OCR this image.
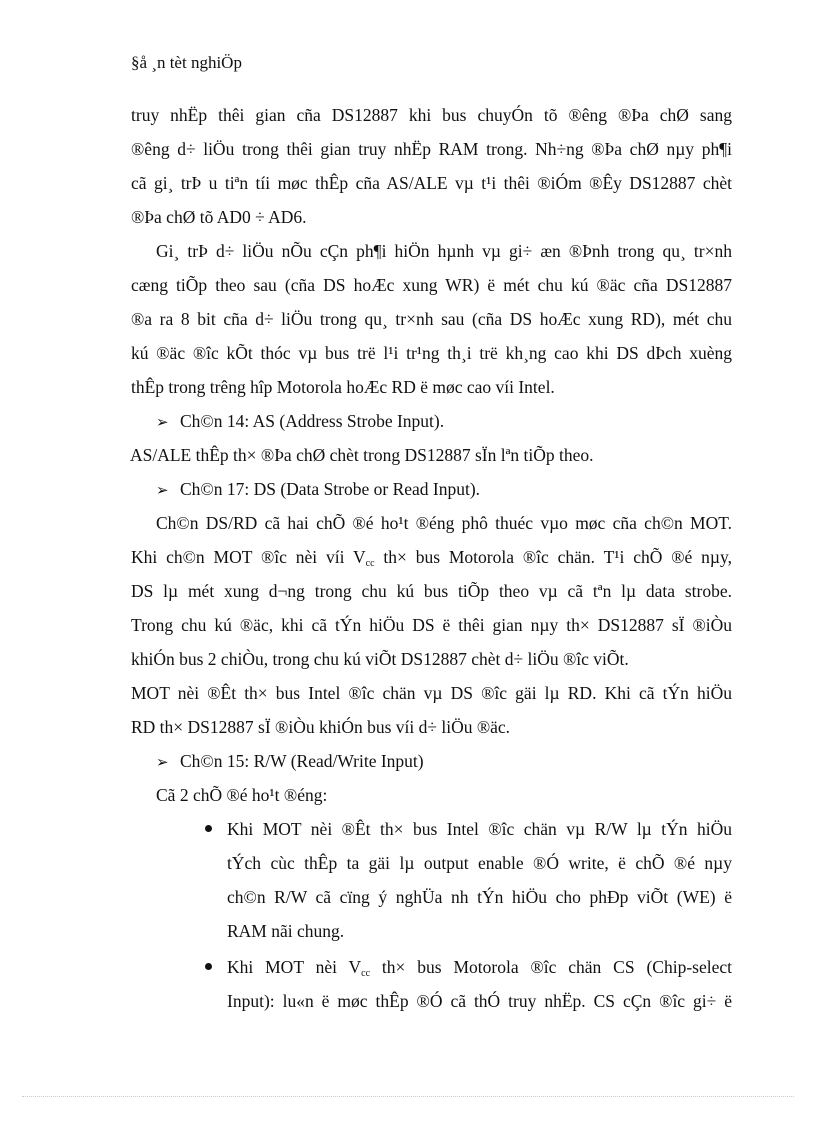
§å ¸n tèt nghiÖp
truy nhËp thêi gian cña DS12887 khi bus chuyÓn tõ ®êng ®Þa chØ sang
®êng d÷ liÖu trong thêi gian truy nhËp RAM trong. Nh÷ng ®Þa chØ nµy ph¶i
cã gi¸ trÞ u tiªn tíi møc thÊp cña AS/ALE vµ t¹i thêi ®iÓm ®Êy DS12887 chèt
®Þa chØ tõ AD0 ÷ AD6.
Gi¸ trÞ d÷ liÖu nÕu cÇn ph¶i hiÖn hµnh vµ gi÷ æn ®Þnh trong qu¸ tr×nh
cæng tiÕp theo sau (cña DS hoÆc xung WR) ë mét chu kú ®äc cña DS12887
®a ra 8 bit cña d÷ liÖu trong qu¸ tr×nh sau (cña DS hoÆc xung RD), mét chu
kú ®äc ®îc kÕt thóc vµ bus trë l¹i tr¹ng th¸i trë kh¸ng cao khi DS dÞch xuèng
thÊp trong trêng hîp Motorola hoÆc RD ë møc cao víi Intel.
➢ Ch©n 14: AS (Address Strobe Input).
AS/ALE thÊp th× ®Þa chØ chèt trong DS12887 sÏn lªn tiÕp theo.
➢ Ch©n 17: DS (Data Strobe or Read Input).
Ch©n DS/RD cã hai chÕ ®é ho¹t ®éng phô thuéc vµo møc cña ch©n MOT.
Khi ch©n MOT ®îc nèi víi $V_{cc}$ th× bus Motorola ®îc chän. T¹i chÕ ®é nµy,
DS lµ mét xung d¬ng trong chu kú bus tiÕp theo vµ cã tªn lµ data strobe.
Trong chu kú ®äc, khi cã tÝn hiÖu DS ë thêi gian nµy th× DS12887 sÏ ®iÒu
khiÓn bus 2 chiÒu, trong chu kú viÕt DS12887 chèt d÷ liÖu ®îc viÕt.
MOT nèi ®Êt th× bus Intel ®îc chän vµ DS ®îc gäi lµ RD. Khi cã tÝn hiÖu
RD th× DS12887 sÏ ®iÒu khiÓn bus víi d÷ liÖu ®äc.
➢ Ch©n 15: R/W (Read/Write Input)
Cã 2 chÕ ®é ho¹t ®éng:
Khi MOT nèi ®Êt th× bus Intel ®îc chän vµ R/W lµ tÝn hiÖu
tÝch cùc thÊp ta gäi lµ output enable ®Ó write, ë chÕ ®é nµy
ch©n R/W cã cïng ý nghÜa nh tÝn hiÖu cho phÐp viÕt (WE) ë
RAM nãi chung.
Khi MOT nèi $V_{cc}$ th× bus Motorola ®îc chän CS (Chip-select
Input): lu«n ë møc thÊp ®Ó cã thÓ truy nhËp. CS cÇn ®îc gi÷ ë
